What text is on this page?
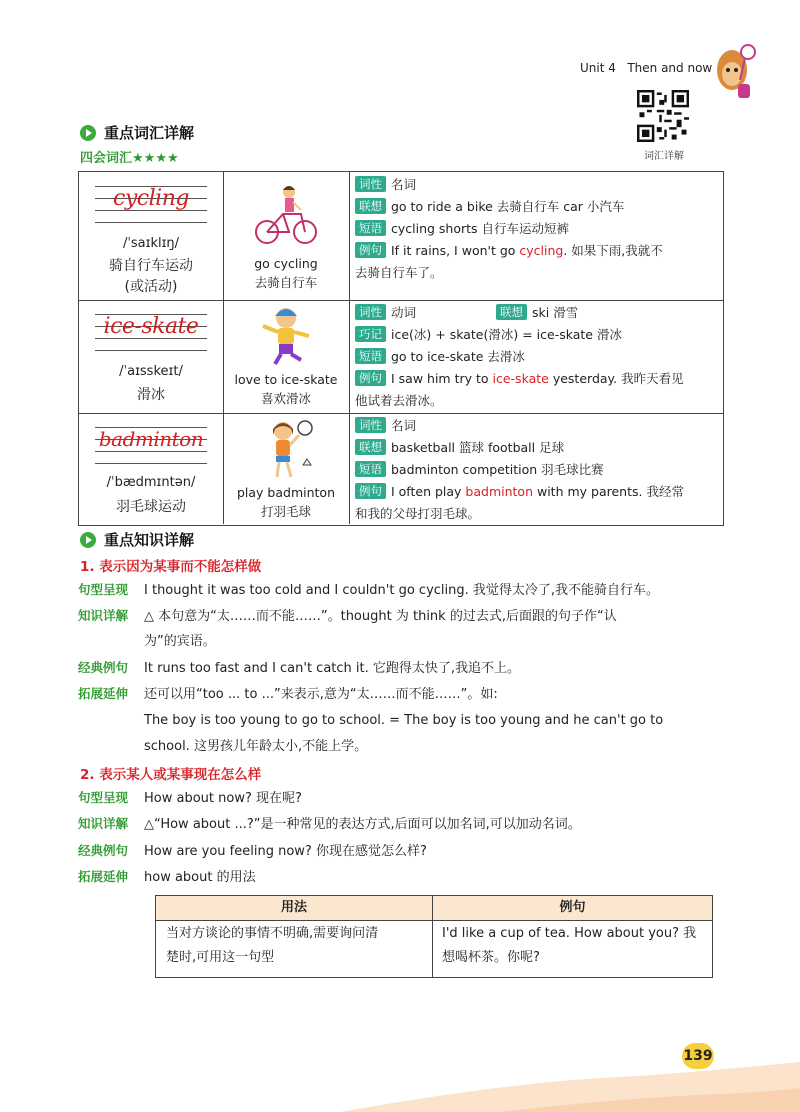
Unit 4 Then and now
词汇详解
重点词汇详解
四会词汇★★★★
cycling
/ˈsaɪklɪŋ/
骑自行车运动
(或活动)
go cycling
去骑自行车
词性 名词
联想 go to ride a bike 去骑自行车 car 小汽车
短语 cycling shorts 自行车运动短裤
例句 If it rains, I won't go cycling. 如果下雨,我就不
去骑自行车了。
ice-skate
/ˈaɪsskeɪt/
滑冰
love to ice-skate
喜欢滑冰
词性 动词	联想 ski 滑雪
巧记 ice(冰) + skate(滑冰) = ice-skate 滑冰
短语 go to ice-skate 去滑冰
例句 I saw him try to ice-skate yesterday. 我昨天看见
他试着去滑冰。
badminton
/ˈbædmɪntən/
羽毛球运动
play badminton
打羽毛球
词性 名词
联想 basketball 篮球 football 足球
短语 badminton competition 羽毛球比赛
例句 I often play badminton with my parents. 我经常
和我的父母打羽毛球。
重点知识详解
1. 表示因为某事而不能怎样做
句型呈现 I thought it was too cold and I couldn't go cycling. 我觉得太冷了,我不能骑自行车。
知识详解 △ 本句意为“太……而不能……”。thought 为 think 的过去式,后面跟的句子作“认
为”的宾语。
经典例句 It runs too fast and I can't catch it. 它跑得太快了,我追不上。
拓展延伸 还可以用“too ... to ...”来表示,意为“太……而不能……”。如:
The boy is too young to go to school. = The boy is too young and he can't go to
school. 这男孩儿年龄太小,不能上学。
2. 表示某人或某事现在怎么样
句型呈现 How about now? 现在呢?
知识详解 △“How about ...?”是一种常见的表达方式,后面可以加名词,可以加动名词。
经典例句 How are you feeling now? 你现在感觉怎么样?
拓展延伸 how about 的用法
用法	例句
当对方谈论的事情不明确,需要询问清
楚时,可用这一句型
I'd like a cup of tea. How about you? 我
想喝杯茶。你呢?
139
